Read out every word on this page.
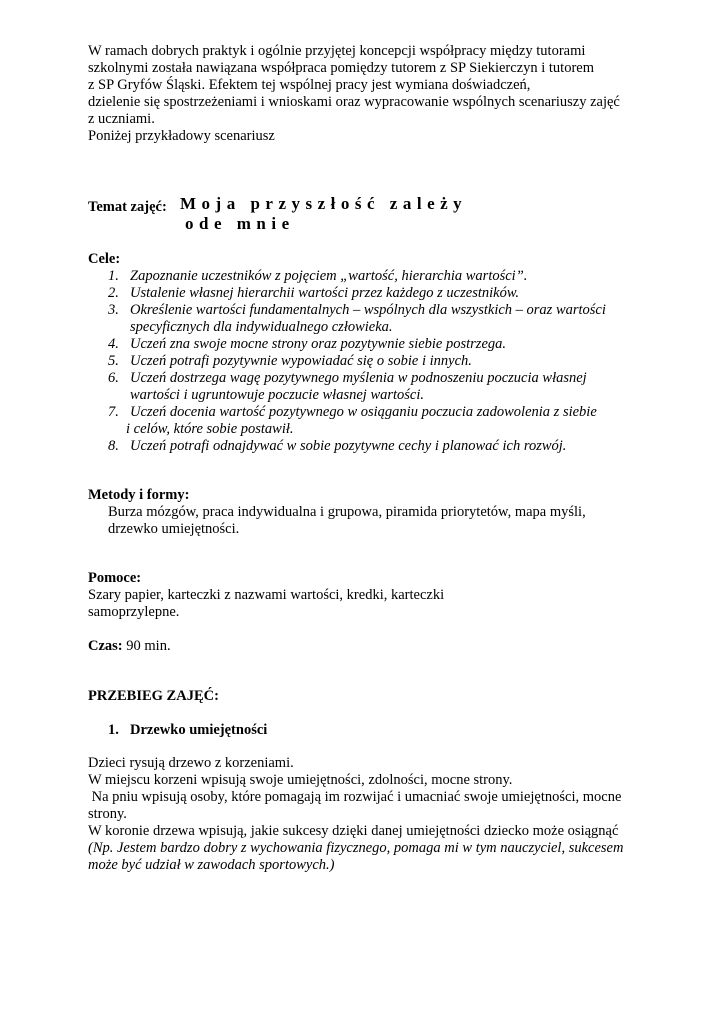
W ramach dobrych praktyk i ogólnie przyjętej koncepcji współpracy między tutorami
szkolnymi została nawiązana współpraca pomiędzy tutorem z SP Siekierczyn i tutorem
z SP Gryfów Śląski. Efektem tej wspólnej pracy jest wymiana doświadczeń,
dzielenie się spostrzeżeniami i wnioskami oraz wypracowanie wspólnych scenariuszy zajęć
z uczniami.
Poniżej przykładowy scenariusz
Temat zajęć: Moja przyszłość zależy
ode mnie
Cele:
1. Zapoznanie uczestników z pojęciem „wartość, hierarchia wartości”.
2. Ustalenie własnej hierarchii wartości przez każdego z uczestników.
3. Określenie wartości fundamentalnych – wspólnych dla wszystkich – oraz wartości
specyficznych dla indywidualnego człowieka.
4. Uczeń zna swoje mocne strony oraz pozytywnie siebie postrzega.
5. Uczeń potrafi pozytywnie wypowiadać się o sobie i innych.
6. Uczeń dostrzega wagę pozytywnego myślenia w podnoszeniu poczucia własnej
wartości i ugruntowuje poczucie własnej wartości.
7. Uczeń docenia wartość pozytywnego w osiąganiu poczucia zadowolenia z siebie
i celów, które sobie postawił.
8. Uczeń potrafi odnajdywać w sobie pozytywne cechy i planować ich rozwój.
Metody i formy:
Burza mózgów, praca indywidualna i grupowa, piramida priorytetów, mapa myśli,
drzewko umiejętności.
Pomoce:
Szary papier, karteczki z nazwami wartości, kredki, karteczki
samoprzylepne.
Czas: 90 min.
PRZEBIEG ZAJĘĆ:
1. Drzewko umiejętności
Dzieci rysują drzewo z korzeniami.
W miejscu korzeni wpisują swoje umiejętności, zdolności, mocne strony.
Na pniu wpisują osoby, które pomagają im rozwijać i umacniać swoje umiejętności, mocne
strony.
W koronie drzewa wpisują, jakie sukcesy dzięki danej umiejętności dziecko może osiągnąć
(Np. Jestem bardzo dobry z wychowania fizycznego, pomaga mi w tym nauczyciel, sukcesem
może być udział w zawodach sportowych.)
